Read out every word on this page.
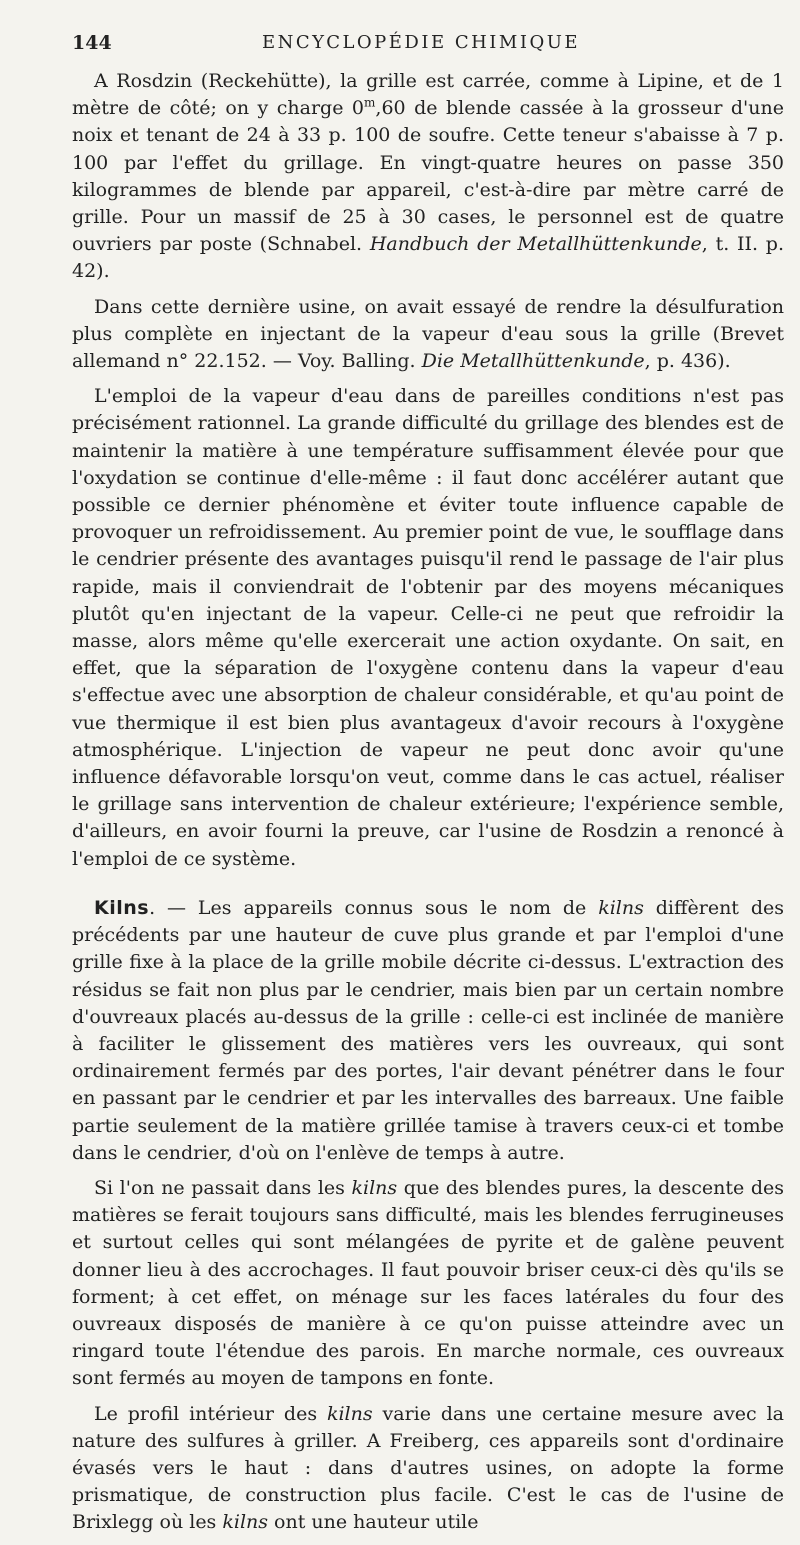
144	ENCYCLOPÉDIE CHIMIQUE

A Rosdzin (Reckehütte), la grille est carrée, comme à Lipine, et de 1 mètre de côté; on y charge 0$^m$,60 de blende cassée à la grosseur d'une noix et tenant de 24 à 33 p. 100 de soufre. Cette teneur s'abaisse à 7 p. 100 par l'effet du grillage. En vingt-quatre heures on passe 350 kilogrammes de blende par appareil, c'est-à-dire par mètre carré de grille. Pour un massif de 25 à 30 cases, le personnel est de quatre ouvriers par poste (Schnabel. Handbuch der Metallhüttenkunde, t. II. p. 42).

Dans cette dernière usine, on avait essayé de rendre la désulfuration plus complète en injectant de la vapeur d'eau sous la grille (Brevet allemand n° 22.152. — Voy. Balling. Die Metallhüttenkunde, p. 436).

L'emploi de la vapeur d'eau dans de pareilles conditions n'est pas précisément rationnel. La grande difficulté du grillage des blendes est de maintenir la matière à une température suffisamment élevée pour que l'oxydation se continue d'elle-même : il faut donc accélérer autant que possible ce dernier phénomène et éviter toute influence capable de provoquer un refroidissement. Au premier point de vue, le soufflage dans le cendrier présente des avantages puisqu'il rend le passage de l'air plus rapide, mais il conviendrait de l'obtenir par des moyens mécaniques plutôt qu'en injectant de la vapeur. Celle-ci ne peut que refroidir la masse, alors même qu'elle exercerait une action oxydante. On sait, en effet, que la séparation de l'oxygène contenu dans la vapeur d'eau s'effectue avec une absorption de chaleur considérable, et qu'au point de vue thermique il est bien plus avantageux d'avoir recours à l'oxygène atmosphérique. L'injection de vapeur ne peut donc avoir qu'une influence défavorable lorsqu'on veut, comme dans le cas actuel, réaliser le grillage sans intervention de chaleur extérieure; l'expérience semble, d'ailleurs, en avoir fourni la preuve, car l'usine de Rosdzin a renoncé à l'emploi de ce système.

Kilns. — Les appareils connus sous le nom de kilns diffèrent des précédents par une hauteur de cuve plus grande et par l'emploi d'une grille fixe à la place de la grille mobile décrite ci-dessus. L'extraction des résidus se fait non plus par le cendrier, mais bien par un certain nombre d'ouvreaux placés au-dessus de la grille : celle-ci est inclinée de manière à faciliter le glissement des matières vers les ouvreaux, qui sont ordinairement fermés par des portes, l'air devant pénétrer dans le four en passant par le cendrier et par les intervalles des barreaux. Une faible partie seulement de la matière grillée tamise à travers ceux-ci et tombe dans le cendrier, d'où on l'enlève de temps à autre.

Si l'on ne passait dans les kilns que des blendes pures, la descente des matières se ferait toujours sans difficulté, mais les blendes ferrugineuses et surtout celles qui sont mélangées de pyrite et de galène peuvent donner lieu à des accrochages. Il faut pouvoir briser ceux-ci dès qu'ils se forment; à cet effet, on ménage sur les faces latérales du four des ouvreaux disposés de manière à ce qu'on puisse atteindre avec un ringard toute l'étendue des parois. En marche normale, ces ouvreaux sont fermés au moyen de tampons en fonte.

Le profil intérieur des kilns varie dans une certaine mesure avec la nature des sulfures à griller. A Freiberg, ces appareils sont d'ordinaire évasés vers le haut : dans d'autres usines, on adopte la forme prismatique, de construction plus facile. C'est le cas de l'usine de Brixlegg où les kilns ont une hauteur utile
